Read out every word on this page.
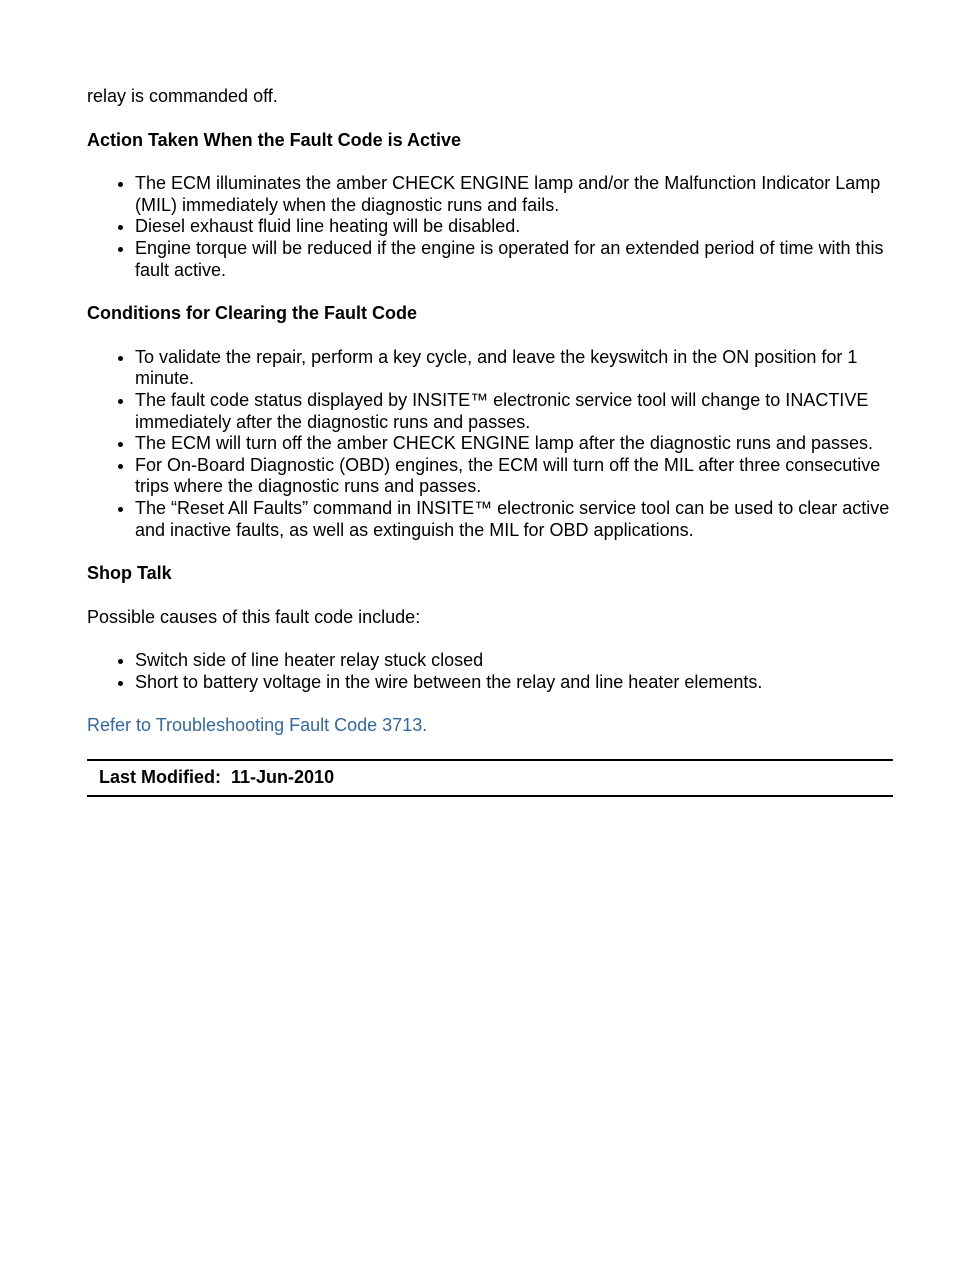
relay is commanded off.

Action Taken When the Fault Code is Active
• The ECM illuminates the amber CHECK ENGINE lamp and/or the Malfunction Indicator Lamp (MIL) immediately when the diagnostic runs and fails.
• Diesel exhaust fluid line heating will be disabled.
• Engine torque will be reduced if the engine is operated for an extended period of time with this fault active.
Conditions for Clearing the Fault Code
• To validate the repair, perform a key cycle, and leave the keyswitch in the ON position for 1 minute.
• The fault code status displayed by INSITE™ electronic service tool will change to INACTIVE immediately after the diagnostic runs and passes.
• The ECM will turn off the amber CHECK ENGINE lamp after the diagnostic runs and passes.
• For On-Board Diagnostic (OBD) engines, the ECM will turn off the MIL after three consecutive trips where the diagnostic runs and passes.
• The “Reset All Faults” command in INSITE™ electronic service tool can be used to clear active and inactive faults, as well as extinguish the MIL for OBD applications.
Shop Talk

Possible causes of this fault code include:

• Switch side of line heater relay stuck closed
• Short to battery voltage in the wire between the relay and line heater elements.

Refer to Troubleshooting Fault Code 3713.

Last Modified: 11-Jun-2010
